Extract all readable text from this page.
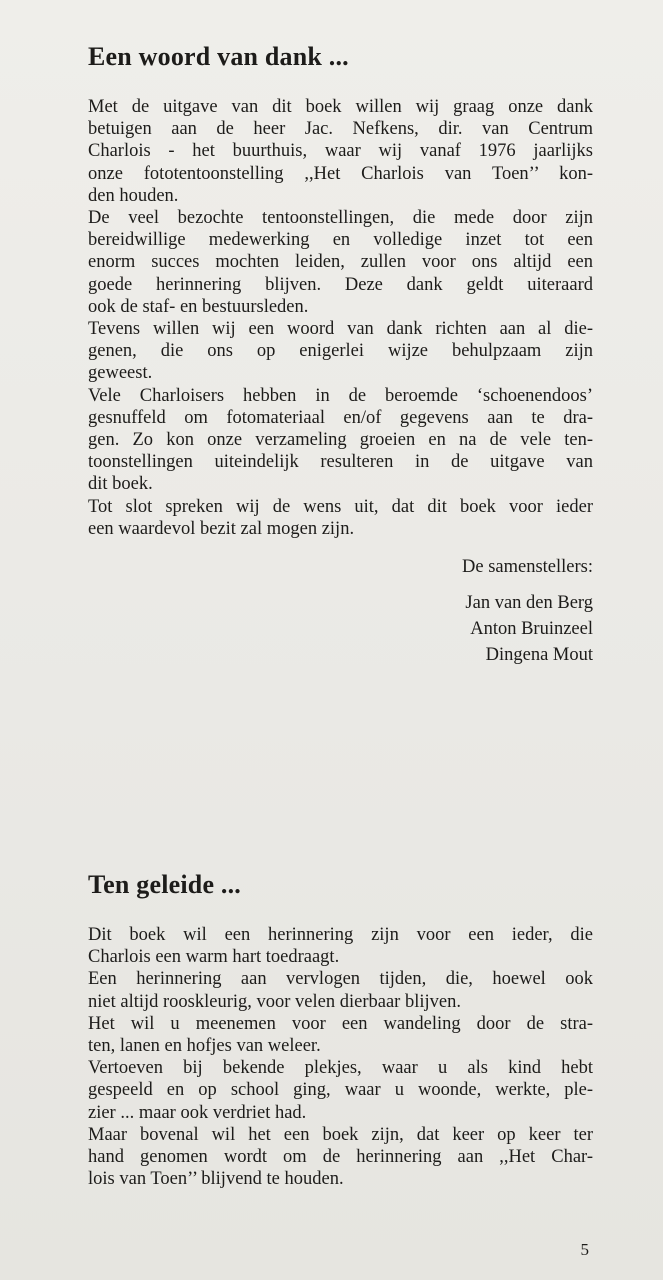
Een woord van dank ...
Met de uitgave van dit boek willen wij graag onze dank
betuigen aan de heer Jac. Nefkens, dir. van Centrum
Charlois - het buurthuis, waar wij vanaf 1976 jaarlijks
onze fototentoonstelling ,,Het Charlois van Toen’’ kon-
den houden.
De veel bezochte tentoonstellingen, die mede door zijn
bereidwillige medewerking en volledige inzet tot een
enorm succes mochten leiden, zullen voor ons altijd een
goede herinnering blijven. Deze dank geldt uiteraard
ook de staf- en bestuursleden.
Tevens willen wij een woord van dank richten aan al die-
genen, die ons op enigerlei wijze behulpzaam zijn
geweest.
Vele Charloisers hebben in de beroemde ‘schoenendoos’
gesnuffeld om fotomateriaal en/of gegevens aan te dra-
gen. Zo kon onze verzameling groeien en na de vele ten-
toonstellingen uiteindelijk resulteren in de uitgave van
dit boek.
Tot slot spreken wij de wens uit, dat dit boek voor ieder
een waardevol bezit zal mogen zijn.
De samenstellers:
Jan van den Berg
Anton Bruinzeel
Dingena Mout
Ten geleide ...
Dit boek wil een herinnering zijn voor een ieder, die
Charlois een warm hart toedraagt.
Een herinnering aan vervlogen tijden, die, hoewel ook
niet altijd rooskleurig, voor velen dierbaar blijven.
Het wil u meenemen voor een wandeling door de stra-
ten, lanen en hofjes van weleer.
Vertoeven bij bekende plekjes, waar u als kind hebt
gespeeld en op school ging, waar u woonde, werkte, ple-
zier ... maar ook verdriet had.
Maar bovenal wil het een boek zijn, dat keer op keer ter
hand genomen wordt om de herinnering aan ,,Het Char-
lois van Toen’’ blijvend te houden.
5
